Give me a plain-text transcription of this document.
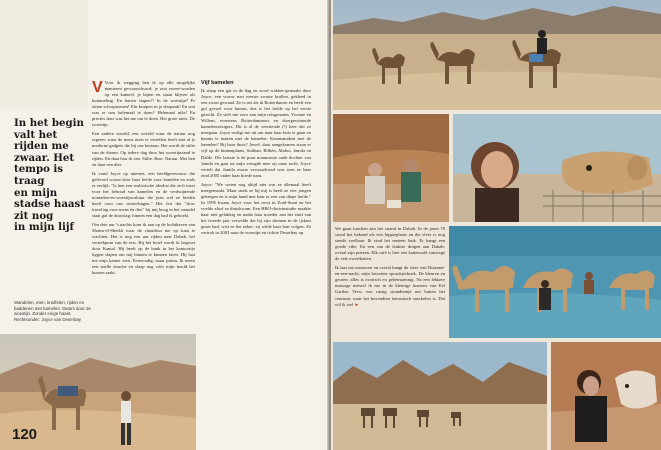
In het begin
valt het
rijden me
zwaar. Het
tempo is traag
en mijn
stadse haast
zit nog
in mijn lijf
Wandelen, eten, knuffelen, rijden en baddenen met kamelen. Dwars door de woestijn. Zonder enige haast. Rechtsonder: Joyce van Deserbay

V Voor ik wegging ben ik op alle mogelijke manieren gewaarschuwd; je zou zweet-worden op een kameel, je bijten en staan blijven als hummeling. En buiten slapen?! In de woestijn? Er zitten schorpioenen! Ehr kruipen in je slaapzak! En wat was er nou helemaal te doen? Helemaal niks! En precies daar was het me om te doen. Het grote niets. De woestijn.

Een andere wereld, een wereld waar de natuur nog regeert, waar de mens niets te vertellen heeft met al je moderne gadgets die bij ons bestaan. Het wordt de stilte van de dieren. Op iedere dag door het woestijnzand te rijden. En daar hou ik van. Stilte. Rust. Natuur. Met hen en daar een dier.

Ik vond Joyce op internet, een beeldgerevrouw die geleverd woont door haar liefde voor kamelen en erals er eerlijk: "Is hen een realistische idealist die zich inzet voor het behoud van kamelen en de verdwijnende nomaden-en-woestijncultuur die juist wel ze bieden heeft voor ons westerlingen." Het feit dat "slow traveling voor mens én dier" bij mij hoog in het vaandel staat gaf de doorslag: binnen een dag had ik geboekt.

Om drie uur 's nachts kom ik aan op de luchthaven van Sharm-el-Sheikh waar de chauffeur me op staat te wachten. Het is nog een uur rijden naar Dahab, het vertrekpunt van de reis. Bij het hotel wordt ik begroet door Kamal. Hij heeft op de bank in het kantoortje liggen slapen om mij binnen te kunnen laten. Hij laat me mijn kamer zien. Eenvoudig, maar prima. Ik neem een snelle douche en slaap nog vóór mijn hoofd het kussen raakt.

Vijf kamelen

Ik slaap een gat in de dag en word wakker-gemaakt door Joyce, een vrouw met weeste zwarte krullen, gekleed in een zwart gewaad. Ze is net als ik Rotterdamse en heeft een gul gevoel voor humor, dus is het liefde op het eerste gezicht. Ze stelt me voor aan mijn reisgenoten, Yvonne en Willem, eveneens Rotterdammers en doorgewinterde kamelenreizigers. Dit is al de veertiende (!) keer dat ze meegaan. Joyce nodigt me uit om naar haar huis te gaan en kennis te maken met de kamelen. Kennismaken met de kamelen? Bij haar thuis? Jawel, daar aangekomen staan er vijf op de binnenplaats, Sulthan, Bilhén, Abdou, Jamila en Dalile. Die laatste is de puur mannonste oude dochter van Jamila en gaat tot mijn vreugde mee op onze tocht. Joyce vertelt dat Jamila zwaar verwaarloosd was toen ze haar eind 2005 onder haar hoede nam.

Joyce: "We weten nog altijd niet wat ze allemaal heeft meegemaakt. Maar sinds ze bij mij is heeft ze vier jongen gekregen en is mijn hand met haar er een van diepe liefde." In 1995 kwam Joyce voor het eerst in Zuid-Sinai en het voelde alsof ze thuiskwam. Een HBO-doctrinstudie maakte haar niet gelukkig en nadat haar moeder aan het eind van het tweede jaar verwelde dat hij zijn dromen in de ijskast gezet had, wist ze het zeker: zij wilde haar hart volgen. Ze vertrok in 2003 naar de woestijn en richtte Deserbay op.

120

We gaan lunchen aan het strand in Dahab. In de jaren 70 stond het bekend als een hippieplaats en die sfeer is nog steeds voelbaar. Ik vind het meteen leuk. Er hangt een goede vibe. En een van de leukste dingen aan Dahab: overal zijn poezen. Elk café is hier een kattencafé vanwege de vele zwerfkatten.

Ik laat me masseren en overal hangt de sfeer van Duizend-en-een-nacht, mijn favoriete sprookjesboek. De kleuren en geuren: alles is exotisch en geheimzinnig. Na een lekkere massage neestel ik me in de kleurige kussens van Eel Garden View, een rustig strandtentje net buiten het centrum, waar het bovendien fantastisch snorkelen is. Dat wil ik wel ►
